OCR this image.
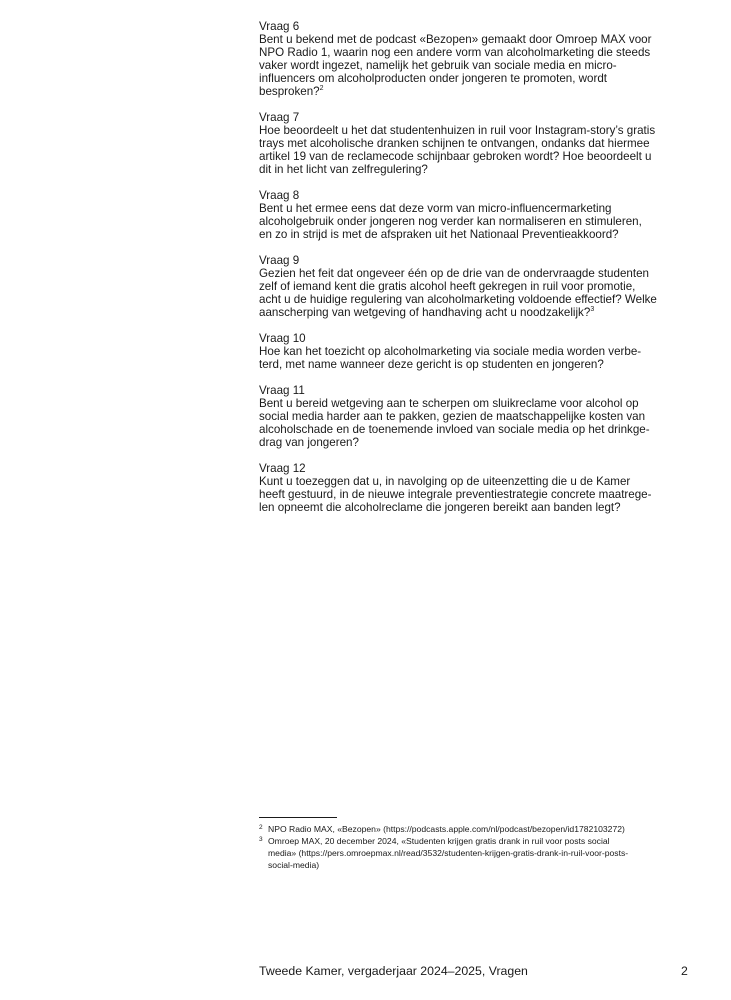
Vraag 6

Bent u bekend met de podcast «Bezopen» gemaakt door Omroep MAX voor
NPO Radio 1, waarin nog een andere vorm van alcoholmarketing die steeds
vaker wordt ingezet, namelijk het gebruik van sociale media en micro-
influencers om alcoholproducten onder jongeren te promoten, wordt
besproken?$^2$

Vraag 7

Hoe beoordeelt u het dat studentenhuizen in ruil voor Instagram-story’s gratis
trays met alcoholische dranken schijnen te ontvangen, ondanks dat hiermee
artikel 19 van de reclamecode schijnbaar gebroken wordt? Hoe beoordeelt u
dit in het licht van zelfregulering?

Vraag 8

Bent u het ermee eens dat deze vorm van micro-influencermarketing
alcoholgebruik onder jongeren nog verder kan normaliseren en stimuleren,
en zo in strijd is met de afspraken uit het Nationaal Preventieakkoord?

Vraag 9

Gezien het feit dat ongeveer één op de drie van de ondervraagde studenten
zelf of iemand kent die gratis alcohol heeft gekregen in ruil voor promotie,
acht u de huidige regulering van alcoholmarketing voldoende effectief? Welke
aanscherping van wetgeving of handhaving acht u noodzakelijk?$^3$

Vraag 10

Hoe kan het toezicht op alcoholmarketing via sociale media worden verbe-
terd, met name wanneer deze gericht is op studenten en jongeren?

Vraag 11

Bent u bereid wetgeving aan te scherpen om sluikreclame voor alcohol op
social media harder aan te pakken, gezien de maatschappelijke kosten van
alcoholschade en de toenemende invloed van sociale media op het drinkge-
drag van jongeren?

Vraag 12

Kunt u toezeggen dat u, in navolging op de uiteenzetting die u de Kamer
heeft gestuurd, in de nieuwe integrale preventiestrategie concrete maatrege-
len opneemt die alcoholreclame die jongeren bereikt aan banden legt?

2 NPO Radio MAX, «Bezopen» (https://podcasts.apple.com/nl/podcast/bezopen/id1782103272)
3 Omroep MAX, 20 december 2024, «Studenten krijgen gratis drank in ruil voor posts social
media» (https://pers.omroepmax.nl/read/3532/studenten-krijgen-gratis-drank-in-ruil-voor-posts-
social-media)
Tweede Kamer, vergaderjaar 2024–2025, Vragen	2
